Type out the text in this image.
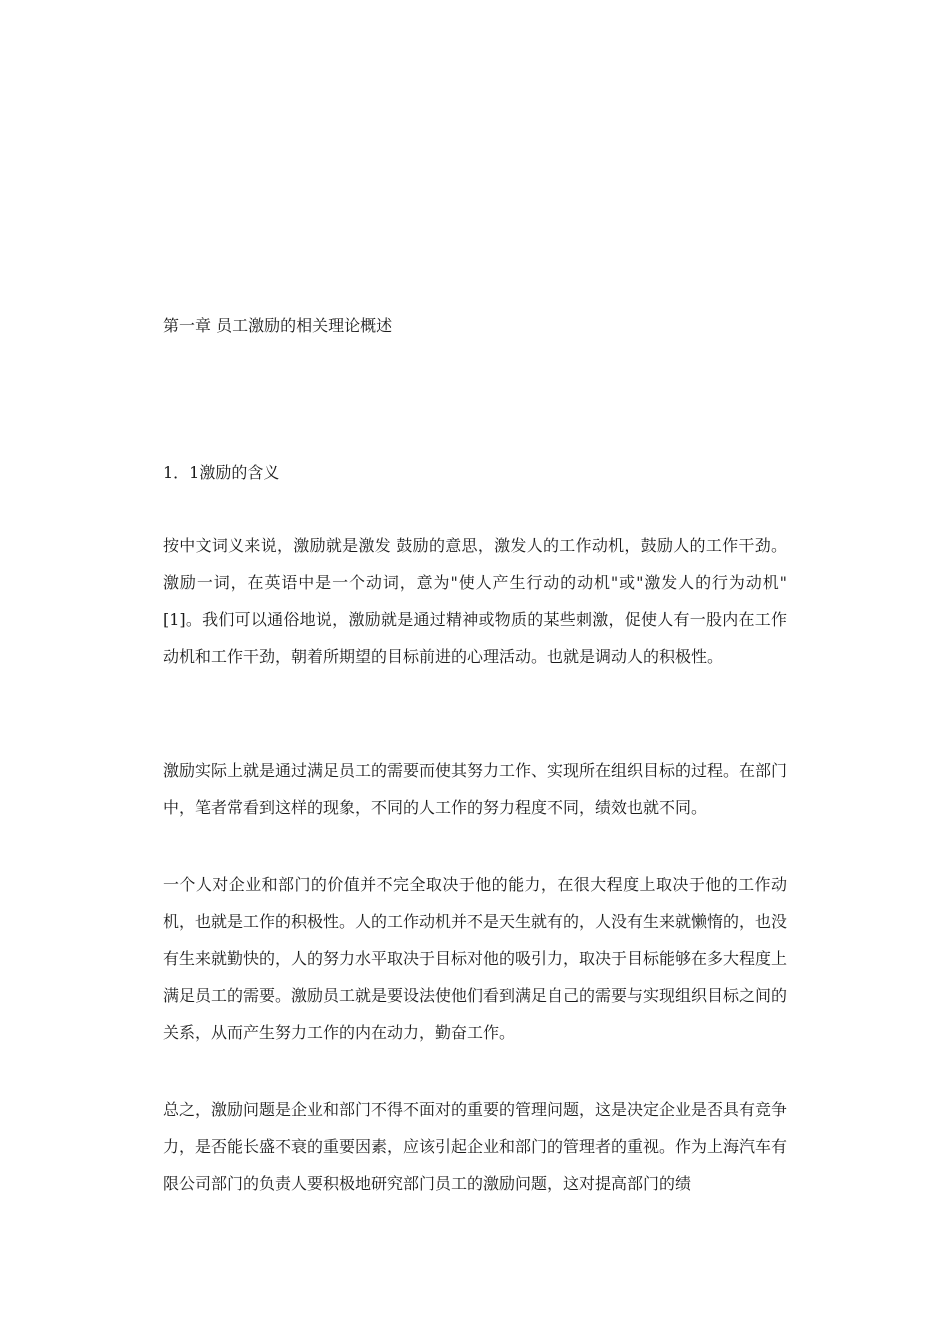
第一章 员工激励的相关理论概述
1．1激励的含义

按中文词义来说，激励就是激发 鼓励的意思，激发人的工作动机，鼓励人的工作干劲。激励一词，在英语中是一个动词，意为"使人产生行动的动机"或"激发人的行为动机"[1]。我们可以通俗地说，激励就是通过精神或物质的某些刺激，促使人有一股内在工作动机和工作干劲，朝着所期望的目标前进的心理活动。也就是调动人的积极性。

激励实际上就是通过满足员工的需要而使其努力工作、实现所在组织目标的过程。在部门中，笔者常看到这样的现象，不同的人工作的努力程度不同，绩效也就不同。

一个人对企业和部门的价值并不完全取决于他的能力，在很大程度上取决于他的工作动机，也就是工作的积极性。人的工作动机并不是天生就有的，人没有生来就懒惰的，也没有生来就勤快的，人的努力水平取决于目标对他的吸引力，取决于目标能够在多大程度上满足员工的需要。激励员工就是要设法使他们看到满足自己的需要与实现组织目标之间的关系，从而产生努力工作的内在动力，勤奋工作。

总之，激励问题是企业和部门不得不面对的重要的管理问题，这是决定企业是否具有竞争力，是否能长盛不衰的重要因素，应该引起企业和部门的管理者的重视。作为上海汽车有限公司部门的负责人要积极地研究部门员工的激励问题，这对提高部门的绩
